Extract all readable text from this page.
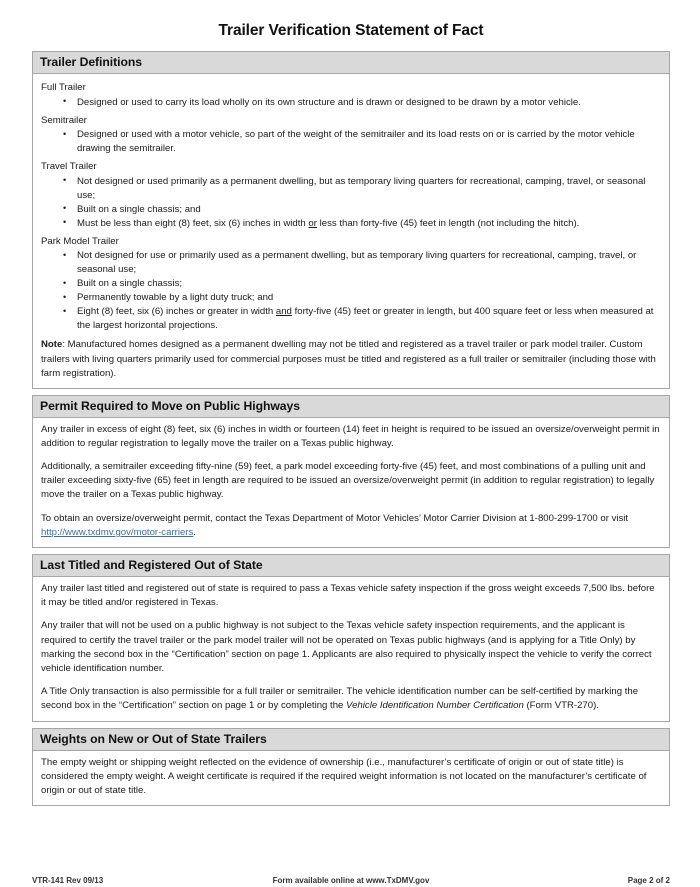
Trailer Verification Statement of Fact
Trailer Definitions
Full Trailer
• Designed or used to carry its load wholly on its own structure and is drawn or designed to be drawn by a motor vehicle.
Semitrailer
• Designed or used with a motor vehicle, so part of the weight of the semitrailer and its load rests on or is carried by the motor vehicle drawing the semitrailer.
Travel Trailer
• Not designed or used primarily as a permanent dwelling, but as temporary living quarters for recreational, camping, travel, or seasonal use;
• Built on a single chassis; and
• Must be less than eight (8) feet, six (6) inches in width or less than forty-five (45) feet in length (not including the hitch).
Park Model Trailer
• Not designed for use or primarily used as a permanent dwelling, but as temporary living quarters for recreational, camping, travel, or seasonal use;
• Built on a single chassis;
• Permanently towable by a light duty truck; and
• Eight (8) feet, six (6) inches or greater in width and forty-five (45) feet or greater in length, but 400 square feet or less when measured at the largest horizontal projections.
Note: Manufactured homes designed as a permanent dwelling may not be titled and registered as a travel trailer or park model trailer. Custom trailers with living quarters primarily used for commercial purposes must be titled and registered as a full trailer or semitrailer (including those with farm registration).
Permit Required to Move on Public Highways

Any trailer in excess of eight (8) feet, six (6) inches in width or fourteen (14) feet in height is required to be issued an oversize/overweight permit in addition to regular registration to legally move the trailer on a Texas public highway.

Additionally, a semitrailer exceeding fifty-nine (59) feet, a park model exceeding forty-five (45) feet, and most combinations of a pulling unit and trailer exceeding sixty-five (65) feet in length are required to be issued an oversize/overweight permit (in addition to regular registration) to legally move the trailer on a Texas public highway.

To obtain an oversize/overweight permit, contact the Texas Department of Motor Vehicles’ Motor Carrier Division at 1-800-299-1700 or visit http://www.txdmv.gov/motor-carriers.

Last Titled and Registered Out of State

Any trailer last titled and registered out of state is required to pass a Texas vehicle safety inspection if the gross weight exceeds 7,500 lbs. before it may be titled and/or registered in Texas.

Any trailer that will not be used on a public highway is not subject to the Texas vehicle safety inspection requirements, and the applicant is required to certify the travel trailer or the park model trailer will not be operated on Texas public highways (and is applying for a Title Only) by marking the second box in the “Certification” section on page 1. Applicants are also required to physically inspect the vehicle to verify the correct vehicle identification number.

A Title Only transaction is also permissible for a full trailer or semitrailer. The vehicle identification number can be self-certified by marking the second box in the “Certification” section on page 1 or by completing the Vehicle Identification Number Certification (Form VTR-270).

Weights on New or Out of State Trailers

The empty weight or shipping weight reflected on the evidence of ownership (i.e., manufacturer’s certificate of origin or out of state title) is considered the empty weight. A weight certificate is required if the required weight information is not located on the manufacturer’s certificate of origin or out of state title.

VTR-141 Rev 09/13	Form available online at www.TxDMV.gov	Page 2 of 2
